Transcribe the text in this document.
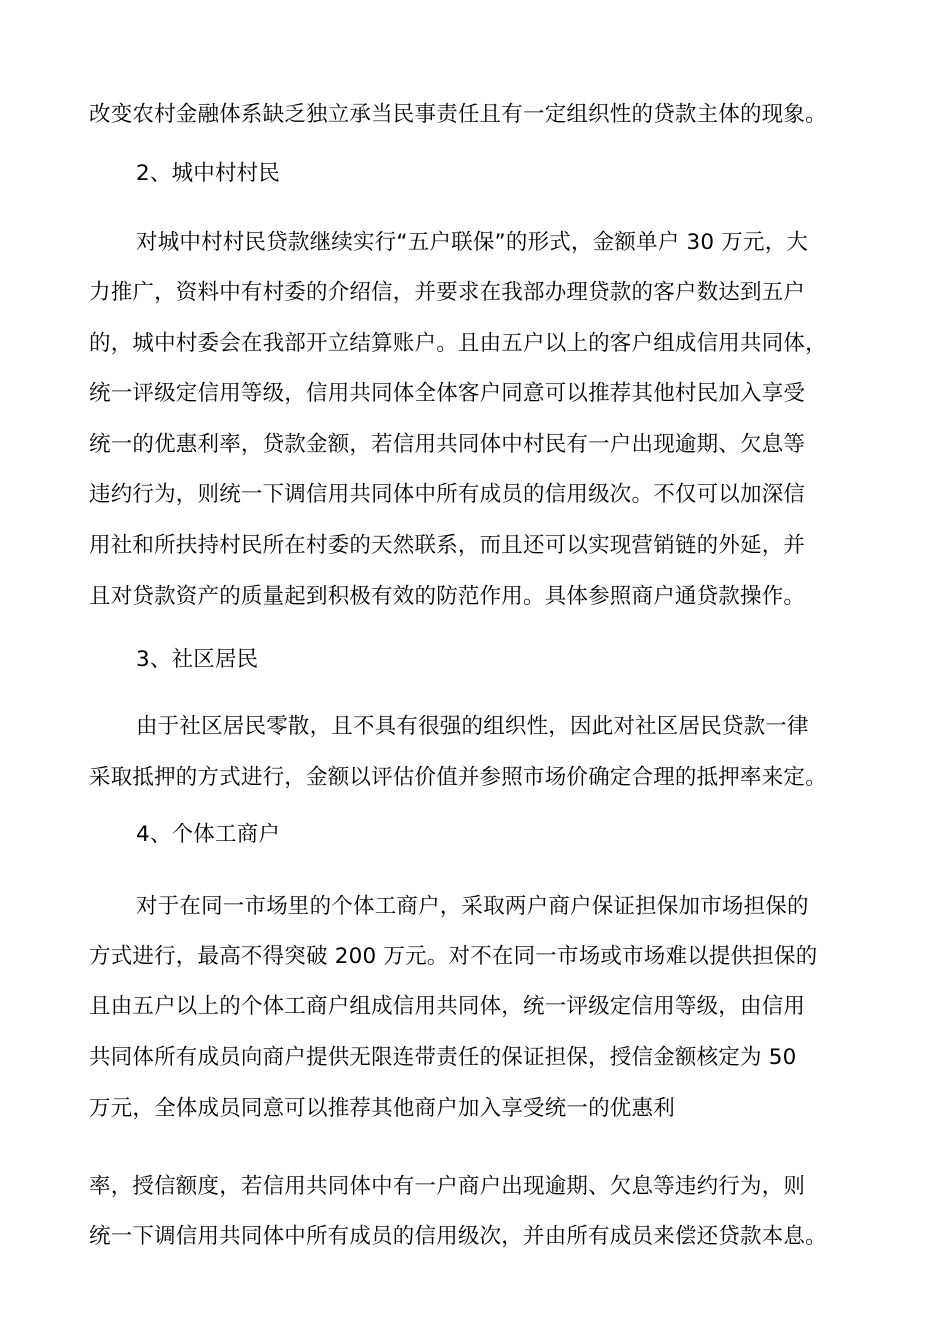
改变农村金融体系缺乏独立承当民事责任且有一定组织性的贷款主体的现象。
2、城中村村民
对城中村村民贷款继续实行“五户联保”的形式，金额单户 30 万元，大
力推广，资料中有村委的介绍信，并要求在我部办理贷款的客户数达到五户
的，城中村委会在我部开立结算账户。且由五户以上的客户组成信用共同体，
统一评级定信用等级，信用共同体全体客户同意可以推荐其他村民加入享受
统一的优惠利率，贷款金额，若信用共同体中村民有一户出现逾期、欠息等
违约行为，则统一下调信用共同体中所有成员的信用级次。不仅可以加深信
用社和所扶持村民所在村委的天然联系，而且还可以实现营销链的外延，并
且对贷款资产的质量起到积极有效的防范作用。具体参照商户通贷款操作。
3、社区居民
由于社区居民零散，且不具有很强的组织性，因此对社区居民贷款一律
采取抵押的方式进行，金额以评估价值并参照市场价确定合理的抵押率来定。
4、个体工商户
对于在同一市场里的个体工商户，采取两户商户保证担保加市场担保的
方式进行，最高不得突破 200 万元。对不在同一市场或市场难以提供担保的
且由五户以上的个体工商户组成信用共同体，统一评级定信用等级，由信用
共同体所有成员向商户提供无限连带责任的保证担保，授信金额核定为 50
万元，全体成员同意可以推荐其他商户加入享受统一的优惠利
率，授信额度，若信用共同体中有一户商户出现逾期、欠息等违约行为，则
统一下调信用共同体中所有成员的信用级次，并由所有成员来偿还贷款本息。
